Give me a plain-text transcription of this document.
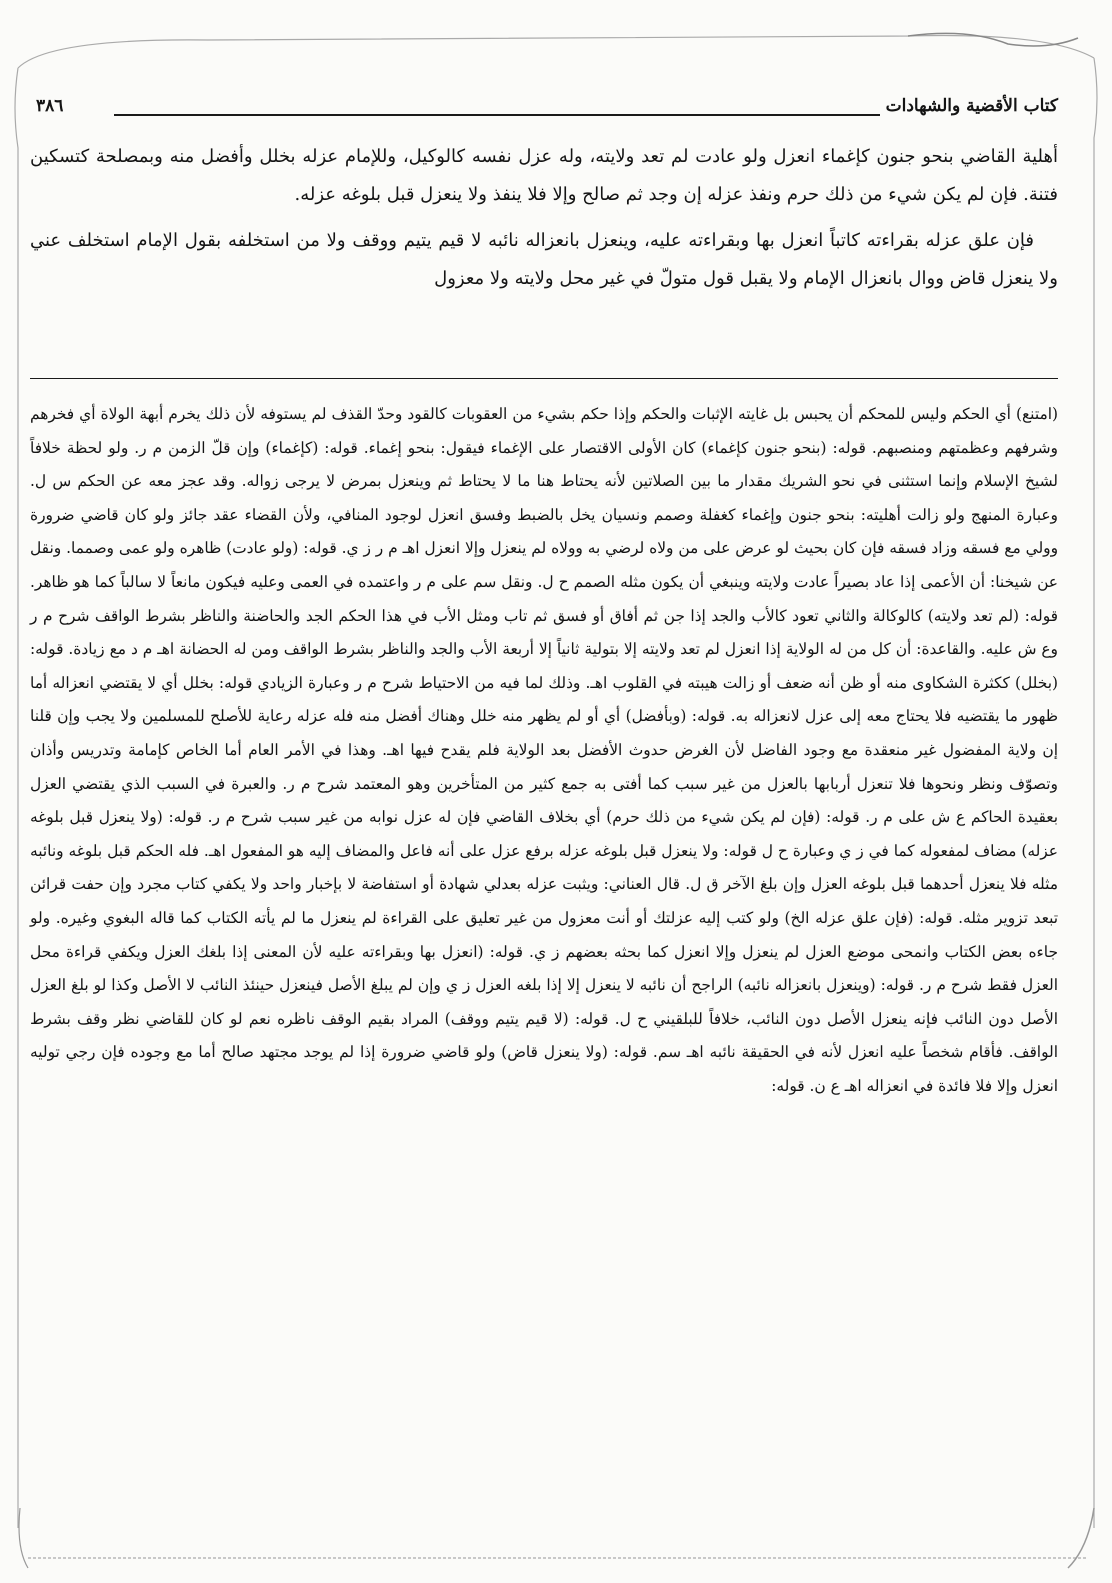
٣٨٦	كتاب الأقضية والشهادات

أهلية القاضي بنحو جنون كإغماء انعزل ولو عادت لم تعد ولايته، وله عزل نفسه كالوكيل، وللإمام عزله بخلل وأفضل منه وبمصلحة كتسكين فتنة. فإن لم يكن شيء من ذلك حرم ونفذ عزله إن وجد ثم صالح وإلا فلا ينفذ ولا ينعزل قبل بلوغه عزله.

فإن علق عزله بقراءته كاتباً انعزل بها وبقراءته عليه، وينعزل بانعزاله نائبه لا قيم يتيم ووقف ولا من استخلفه بقول الإمام استخلف عني ولا ينعزل قاض ووال بانعزال الإمام ولا يقبل قول متولّ في غير محل ولايته ولا معزول

(امتنع) أي الحكم وليس للمحكم أن يحبس بل غايته الإثبات والحكم وإذا حكم بشيء من العقوبات كالقود وحدّ القذف لم يستوفه لأن ذلك يخرم أبهة الولاة أي فخرهم وشرفهم وعظمتهم ومنصبهم. قوله: (بنحو جنون كإغماء) كان الأولى الاقتصار على الإغماء فيقول: بنحو إغماء. قوله: (كإغماء) وإن قلّ الزمن م ر. ولو لحظة خلافاً لشيخ الإسلام وإنما استثنى في نحو الشريك مقدار ما بين الصلاتين لأنه يحتاط هنا ما لا يحتاط ثم وينعزل بمرض لا يرجى زواله. وقد عجز معه عن الحكم س ل. وعبارة المنهج ولو زالت أهليته: بنحو جنون وإغماء كغفلة وصمم ونسيان يخل بالضبط وفسق انعزل لوجود المنافي، ولأن القضاء عقد جائز ولو كان قاضي ضرورة وولي مع فسقه وزاد فسقه فإن كان بحيث لو عرض على من ولاه لرضي به وولاه لم ينعزل وإلا انعزل اهـ م ر ز ي. قوله: (ولو عادت) ظاهره ولو عمى وصمما. ونقل عن شيخنا: أن الأعمى إذا عاد بصيراً عادت ولايته وينبغي أن يكون مثله الصمم ح ل. ونقل سم على م ر واعتمده في العمى وعليه فيكون مانعاً لا سالباً كما هو ظاهر. قوله: (لم تعد ولايته) كالوكالة والثاني تعود كالأب والجد إذا جن ثم أفاق أو فسق ثم تاب ومثل الأب في هذا الحكم الجد والحاضنة والناظر بشرط الواقف شرح م ر وع ش عليه. والقاعدة: أن كل من له الولاية إذا انعزل لم تعد ولايته إلا بتولية ثانياً إلا أربعة الأب والجد والناظر بشرط الواقف ومن له الحضانة اهـ م د مع زيادة. قوله: (بخلل) ككثرة الشكاوى منه أو ظن أنه ضعف أو زالت هيبته في القلوب اهـ. وذلك لما فيه من الاحتياط شرح م ر وعبارة الزيادي قوله: بخلل أي لا يقتضي انعزاله أما ظهور ما يقتضيه فلا يحتاج معه إلى عزل لانعزاله به. قوله: (وبأفضل) أي أو لم يظهر منه خلل وهناك أفضل منه فله عزله رعاية للأصلح للمسلمين ولا يجب وإن قلنا إن ولاية المفضول غير منعقدة مع وجود الفاضل لأن الغرض حدوث الأفضل بعد الولاية فلم يقدح فيها اهـ. وهذا في الأمر العام أما الخاص كإمامة وتدريس وأذان وتصوّف ونظر ونحوها فلا تنعزل أربابها بالعزل من غير سبب كما أفتى به جمع كثير من المتأخرين وهو المعتمد شرح م ر. والعبرة في السبب الذي يقتضي العزل بعقيدة الحاكم ع ش على م ر. قوله: (فإن لم يكن شيء من ذلك حرم) أي بخلاف القاضي فإن له عزل نوابه من غير سبب شرح م ر. قوله: (ولا ينعزل قبل بلوغه عزله) مضاف لمفعوله كما في ز ي وعبارة ح ل قوله: ولا ينعزل قبل بلوغه عزله برفع عزل على أنه فاعل والمضاف إليه هو المفعول اهـ. فله الحكم قبل بلوغه ونائبه مثله فلا ينعزل أحدهما قبل بلوغه العزل وإن بلغ الآخر ق ل. قال العناني: ويثبت عزله بعدلي شهادة أو استفاضة لا بإخبار واحد ولا يكفي كتاب مجرد وإن حفت قرائن تبعد تزوير مثله. قوله: (فإن علق عزله الخ) ولو كتب إليه عزلتك أو أنت معزول من غير تعليق على القراءة لم ينعزل ما لم يأته الكتاب كما قاله البغوي وغيره. ولو جاءه بعض الكتاب وانمحى موضع العزل لم ينعزل وإلا انعزل كما بحثه بعضهم ز ي. قوله: (انعزل بها وبقراءته عليه لأن المعنى إذا بلغك العزل ويكفي قراءة محل العزل فقط شرح م ر. قوله: (وينعزل بانعزاله نائبه) الراجح أن نائبه لا ينعزل إلا إذا بلغه العزل ز ي وإن لم يبلغ الأصل فينعزل حينئذ النائب لا الأصل وكذا لو بلغ العزل الأصل دون النائب فإنه ينعزل الأصل دون النائب، خلافاً للبلقيني ح ل. قوله: (لا قيم يتيم ووقف) المراد بقيم الوقف ناظره نعم لو كان للقاضي نظر وقف بشرط الواقف. فأقام شخصاً عليه انعزل لأنه في الحقيقة نائبه اهـ سم. قوله: (ولا ينعزل قاض) ولو قاضي ضرورة إذا لم يوجد مجتهد صالح أما مع وجوده فإن رجي توليه انعزل وإلا فلا فائدة في انعزاله اهـ ع ن. قوله:
